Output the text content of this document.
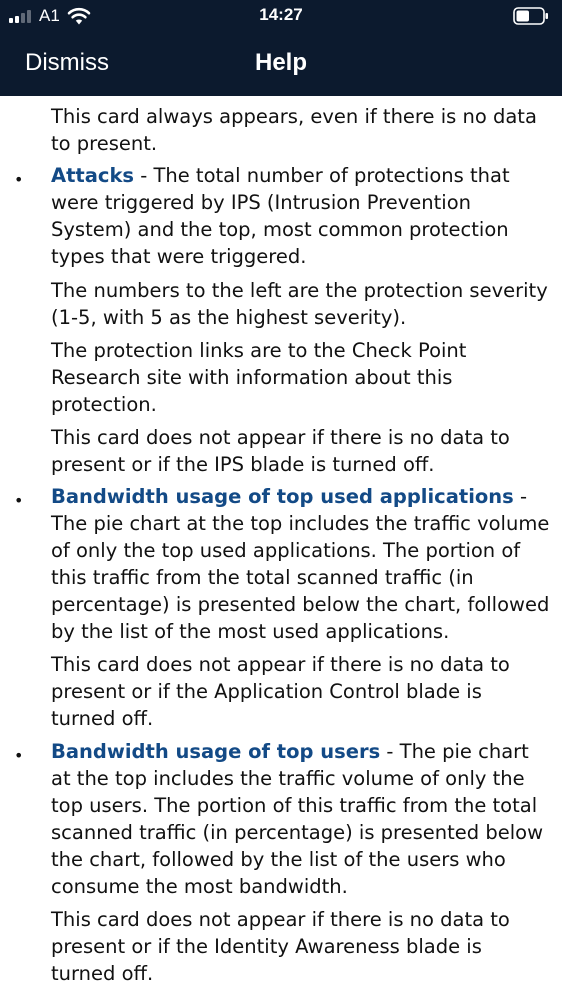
A1	14:27
Dismiss	Help

This card always appears, even if there is no data to present.

• Attacks - The total number of protections that were triggered by IPS (Intrusion Prevention System) and the top, most common protection types that were triggered.

The numbers to the left are the protection severity (1-5, with 5 as the highest severity).

The protection links are to the Check Point Research site with information about this protection.

This card does not appear if there is no data to present or if the IPS blade is turned off.

• Bandwidth usage of top used applications - The pie chart at the top includes the traffic volume of only the top used applications. The portion of this traffic from the total scanned traffic (in percentage) is presented below the chart, followed by the list of the most used applications.

This card does not appear if there is no data to present or if the Application Control blade is turned off.

• Bandwidth usage of top users - The pie chart at the top includes the traffic volume of only the top users. The portion of this traffic from the total scanned traffic (in percentage) is presented below the chart, followed by the list of the users who consume the most bandwidth.

This card does not appear if there is no data to present or if the Identity Awareness blade is turned off.
